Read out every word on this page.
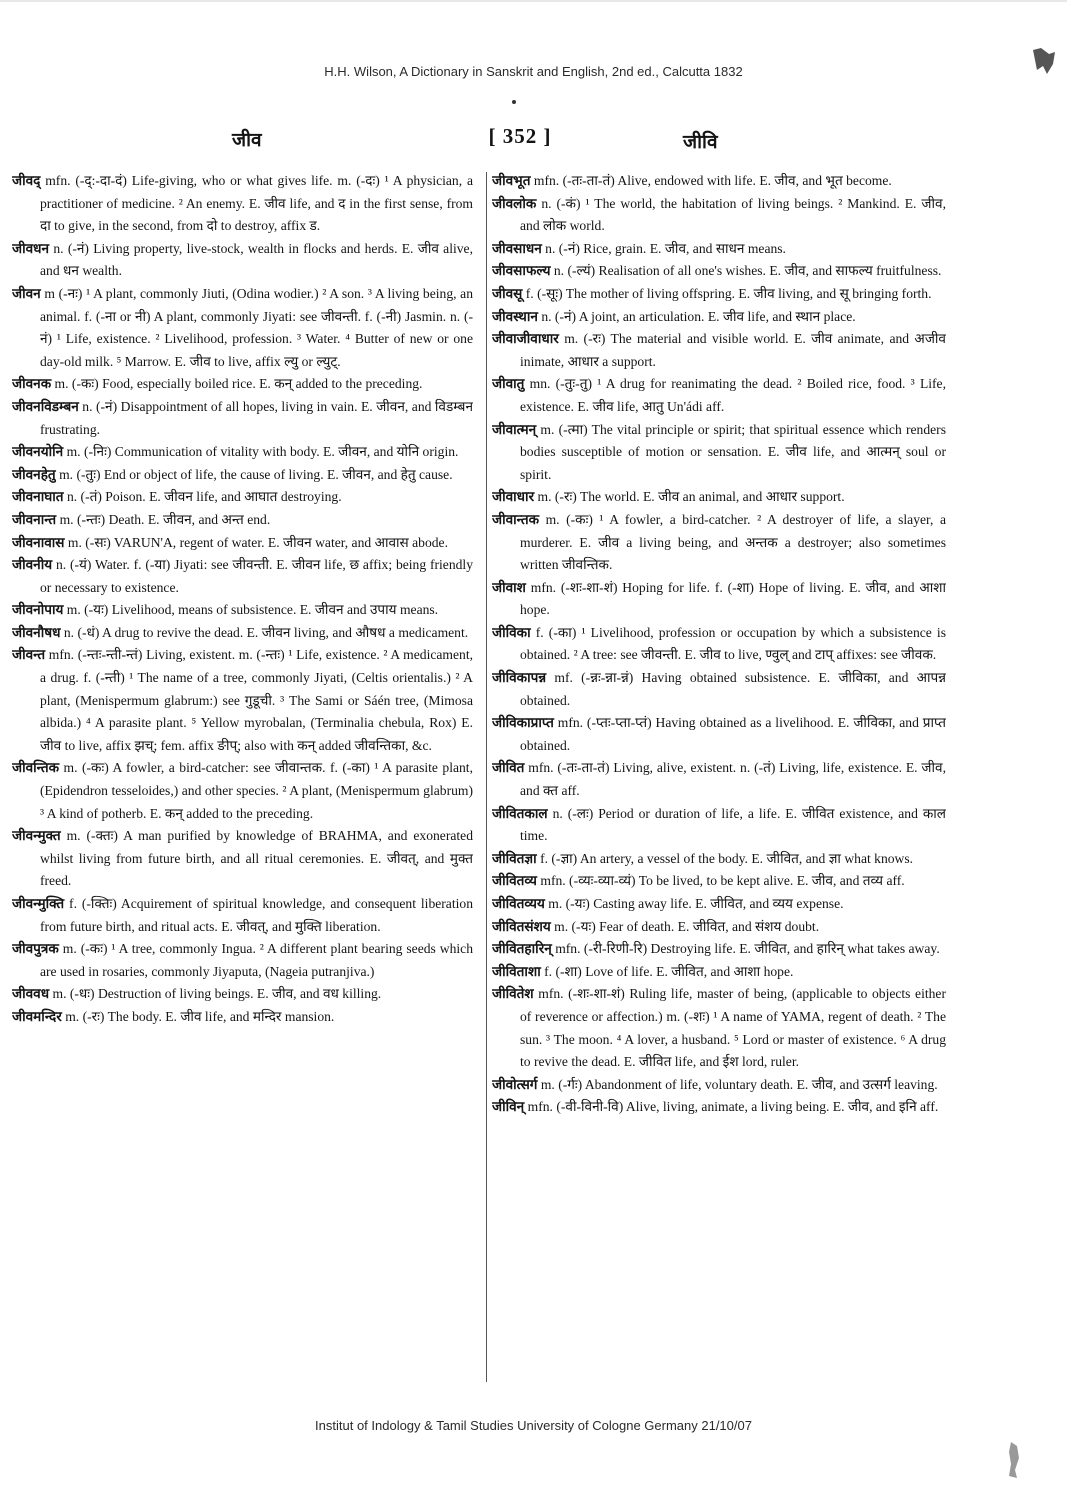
H.H. Wilson, A Dictionary in Sanskrit and English, 2nd ed., Calcutta 1832
जीव	[ 352 ]	जीवि

जीवद् mfn. (-द्:-दा-दं) Life-giving, who or what gives life. m. (-दः) ¹ A physician, a practitioner of medicine. ² An enemy. E. जीव life, and द in the first sense, from दा to give, in the second, from दो to destroy, affix ड.

जीवधन n. (-नं) Living property, live-stock, wealth in flocks and herds. E. जीव alive, and धन wealth.

जीवन m (-नः) ¹ A plant, commonly Jiuti, (Odina wodier.) ² A son. ³ A living being, an animal. f. (-ना or नी) A plant, commonly Jiyati: see जीवन्ती. f. (-नी) Jasmin. n. (-नं) ¹ Life, existence. ² Livelihood, profession. ³ Water. ⁴ Butter of new or one day-old milk. ⁵ Marrow. E. जीव to live, affix ल्यु or ल्युट्.

जीवनक m. (-कः) Food, especially boiled rice. E. कन् added to the preceding.

जीवनविडम्बन n. (-नं) Disappointment of all hopes, living in vain. E. जीवन, and विडम्बन frustrating.

जीवनयोनि m. (-निः) Communication of vitality with body. E. जीवन, and योनि origin.

जीवनहेतु m. (-तुः) End or object of life, the cause of living. E. जीवन, and हेतु cause.

जीवनाघात n. (-तं) Poison. E. जीवन life, and आघात destroying.

जीवनान्त m. (-न्तः) Death. E. जीवन, and अन्त end.

जीवनावास m. (-सः) VARUN'A, regent of water. E. जीवन water, and आवास abode.

जीवनीय n. (-यं) Water. f. (-या) Jiyati: see जीवन्ती. E. जीवन life, छ affix; being friendly or necessary to existence.

जीवनोपाय m. (-यः) Livelihood, means of subsistence. E. जीवन and उपाय means.

जीवनौषध n. (-धं) A drug to revive the dead. E. जीवन living, and औषध a medicament.

जीवन्त mfn. (-न्तः-न्ती-न्तं) Living, existent. m. (-न्तः) ¹ Life, existence. ² A medicament, a drug. f. (-न्ती) ¹ The name of a tree, commonly Jiyati, (Celtis orientalis.) ² A plant, (Menispermum glabrum:) see गुडूची. ³ The Sami or Sáén tree, (Mimosa albida.) ⁴ A parasite plant. ⁵ Yellow myrobalan, (Terminalia chebula, Rox) E. जीव to live, affix झच्; fem. affix ङीप्; also with कन् added जीवन्तिका, &c.

जीवन्तिक m. (-कः) A fowler, a bird-catcher: see जीवान्तक. f. (-का) ¹ A parasite plant, (Epidendron tesseloides,) and other species. ² A plant, (Menispermum glabrum) ³ A kind of potherb. E. कन् added to the preceding.

जीवन्मुक्त m. (-क्तः) A man purified by knowledge of BRAHMA, and exonerated whilst living from future birth, and all ritual ceremonies. E. जीवत्, and मुक्त freed.

जीवन्मुक्ति f. (-क्तिः) Acquirement of spiritual knowledge, and consequent liberation from future birth, and ritual acts. E. जीवत्, and मुक्ति liberation.

जीवपुत्रक m. (-कः) ¹ A tree, commonly Ingua. ² A different plant bearing seeds which are used in rosaries, commonly Jiyaputa, (Nageia putranjiva.)

जीववध m. (-धः) Destruction of living beings. E. जीव, and वध killing.

जीवमन्दिर m. (-रः) The body. E. जीव life, and मन्दिर mansion.

जीवभूत mfn. (-तः-ता-तं) Alive, endowed with life. E. जीव, and भूत become.

जीवलोक n. (-कं) ¹ The world, the habitation of living beings. ² Mankind. E. जीव, and लोक world.

जीवसाधन n. (-नं) Rice, grain. E. जीव, and साधन means.

जीवसाफल्य n. (-ल्यं) Realisation of all one's wishes. E. जीव, and साफल्य fruitfulness.

जीवसू f. (-सूः) The mother of living offspring. E. जीव living, and सू bringing forth.

जीवस्थान n. (-नं) A joint, an articulation. E. जीव life, and स्थान place.

जीवाजीवाधार m. (-रः) The material and visible world. E. जीव animate, and अजीव inimate, आधार a support.

जीवातु mn. (-तुः-तु) ¹ A drug for reanimating the dead. ² Boiled rice, food. ³ Life, existence. E. जीव life, आतु Un'ádi aff.

जीवात्मन् m. (-त्मा) The vital principle or spirit; that spiritual essence which renders bodies susceptible of motion or sensation. E. जीव life, and आत्मन् soul or spirit.

जीवाधार m. (-रः) The world. E. जीव an animal, and आधार support.

जीवान्तक m. (-कः) ¹ A fowler, a bird-catcher. ² A destroyer of life, a slayer, a murderer. E. जीव a living being, and अन्तक a destroyer; also sometimes written जीवन्तिक.

जीवाश mfn. (-शः-शा-शं) Hoping for life. f. (-शा) Hope of living. E. जीव, and आशा hope.

जीविका f. (-का) ¹ Livelihood, profession or occupation by which a subsistence is obtained. ² A tree: see जीवन्ती. E. जीव to live, ण्वुल् and टाप् affixes: see जीवक.

जीविकापन्न mf. (-न्नः-न्ना-न्नं) Having obtained subsistence. E. जीविका, and आपन्न obtained.

जीविकाप्राप्त mfn. (-प्तः-प्ता-प्तं) Having obtained as a livelihood. E. जीविका, and प्राप्त obtained.

जीवित mfn. (-तः-ता-तं) Living, alive, existent. n. (-तं) Living, life, existence. E. जीव, and क्त aff.

जीवितकाल n. (-लः) Period or duration of life, a life. E. जीवित existence, and काल time.

जीवितज्ञा f. (-ज्ञा) An artery, a vessel of the body. E. जीवित, and ज्ञा what knows.

जीवितव्य mfn. (-व्यः-व्या-व्यं) To be lived, to be kept alive. E. जीव, and तव्य aff.

जीवितव्यय m. (-यः) Casting away life. E. जीवित, and व्यय expense.

जीवितसंशय m. (-यः) Fear of death. E. जीवित, and संशय doubt.

जीवितहारिन् mfn. (-री-रिणी-रि) Destroying life. E. जीवित, and हारिन् what takes away.

जीविताशा f. (-शा) Love of life. E. जीवित, and आशा hope.

जीवितेश mfn. (-शः-शा-शं) Ruling life, master of being, (applicable to objects either of reverence or affection.) m. (-शः) ¹ A name of YAMA, regent of death. ² The sun. ³ The moon. ⁴ A lover, a husband. ⁵ Lord or master of existence. ⁶ A drug to revive the dead. E. जीवित life, and ईश lord, ruler.

जीवोत्सर्ग m. (-र्गः) Abandonment of life, voluntary death. E. जीव, and उत्सर्ग leaving.

जीविन् mfn. (-वी-विनी-वि) Alive, living, animate, a living being. E. जीव, and इनि aff.

Institut of Indology & Tamil Studies University of Cologne Germany 21/10/07
